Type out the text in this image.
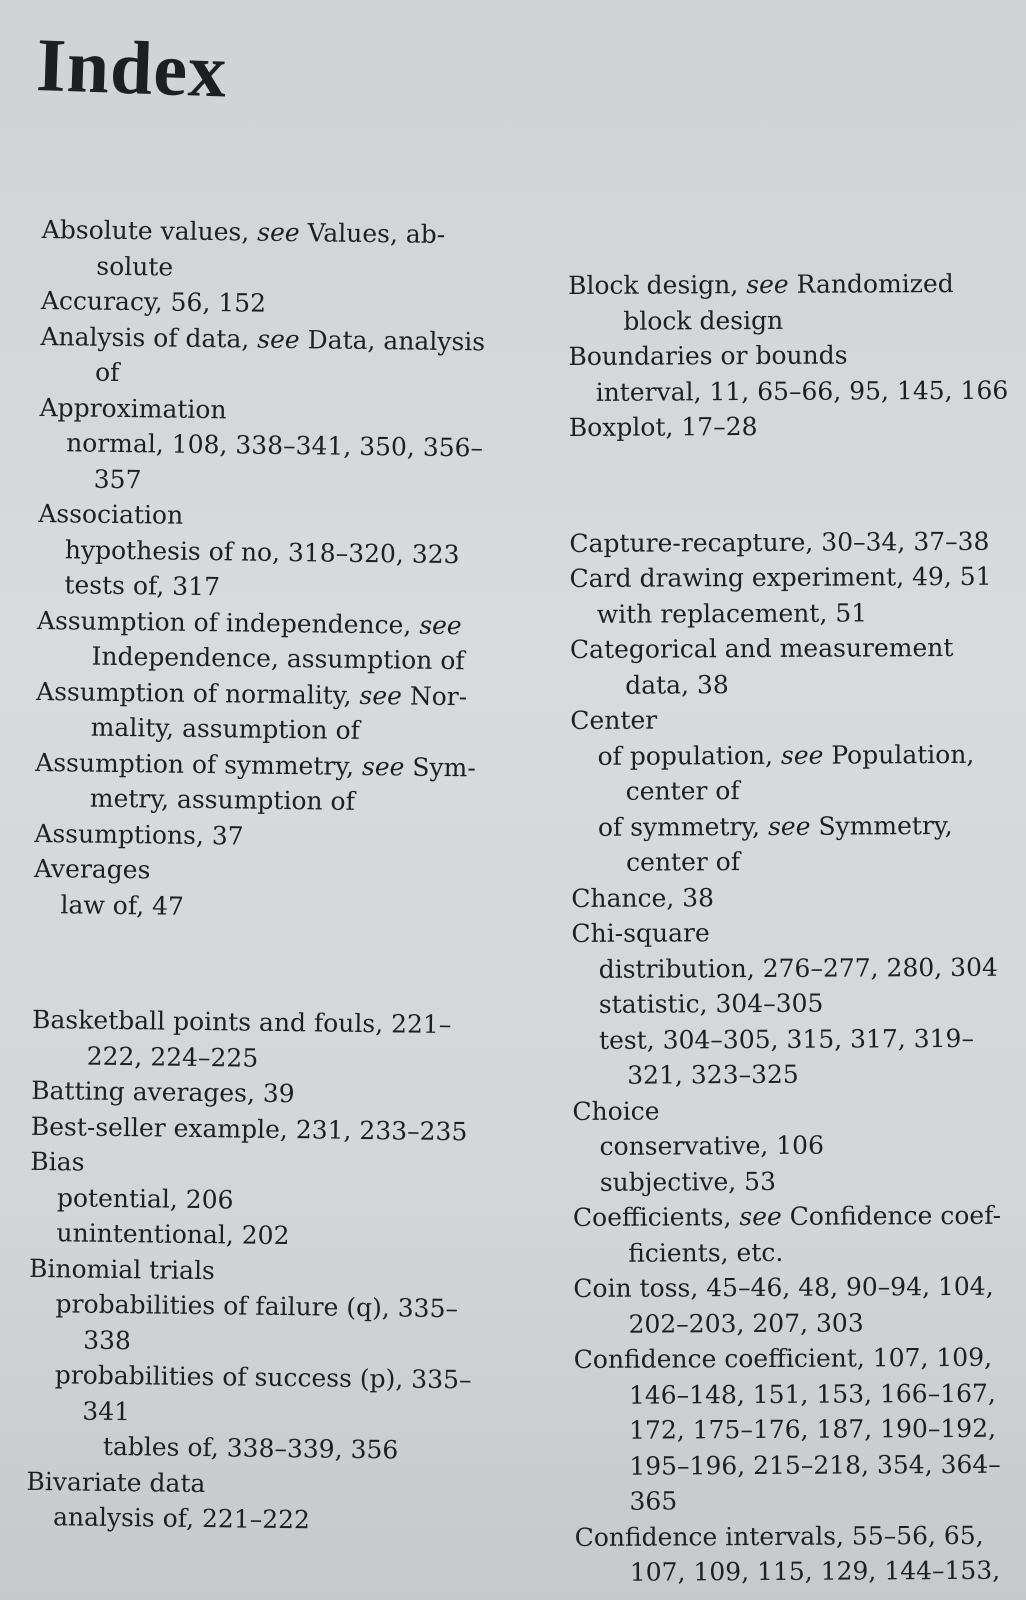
Index

Absolute values, see Values, ab-solute

Accuracy, 56, 152

Analysis of data, see Data, analysis of

Approximation

normal, 108, 338–341, 350, 356–357

Association

hypothesis of no, 318–320, 323

tests of, 317

Assumption of independence, see Independence, assumption of

Assumption of normality, see Nor-mality, assumption of

Assumption of symmetry, see Sym-metry, assumption of

Assumptions, 37

Averages

law of, 47

Basketball points and fouls, 221–222, 224–225

Batting averages, 39

Best-seller example, 231, 233–235

Bias

potential, 206

unintentional, 202

Binomial trials

probabilities of failure (q), 335–338

probabilities of success (p), 335–341

tables of, 338–339, 356

Bivariate data

analysis of, 221–222

Block design, see Randomized block design

Boundaries or bounds

interval, 11, 65–66, 95, 145, 166

Boxplot, 17–28

Capture-recapture, 30–34, 37–38

Card drawing experiment, 49, 51

with replacement, 51

Categorical and measurement data, 38

Center

of population, see Population, center of

of symmetry, see Symmetry, center of

Chance, 38

Chi-square

distribution, 276–277, 280, 304

statistic, 304–305

test, 304–305, 315, 317, 319–321, 323–325

Choice

conservative, 106

subjective, 53

Coefficients, see Confidence coef-ficients, etc.

Coin toss, 45–46, 48, 90–94, 104, 202–203, 207, 303

Confidence coefficient, 107, 109, 146–148, 151, 153, 166–167, 172, 175–176, 187, 190–192, 195–196, 215–218, 354, 364–365

Confidence intervals, 55–56, 65, 107, 109, 115, 129, 144–153,
